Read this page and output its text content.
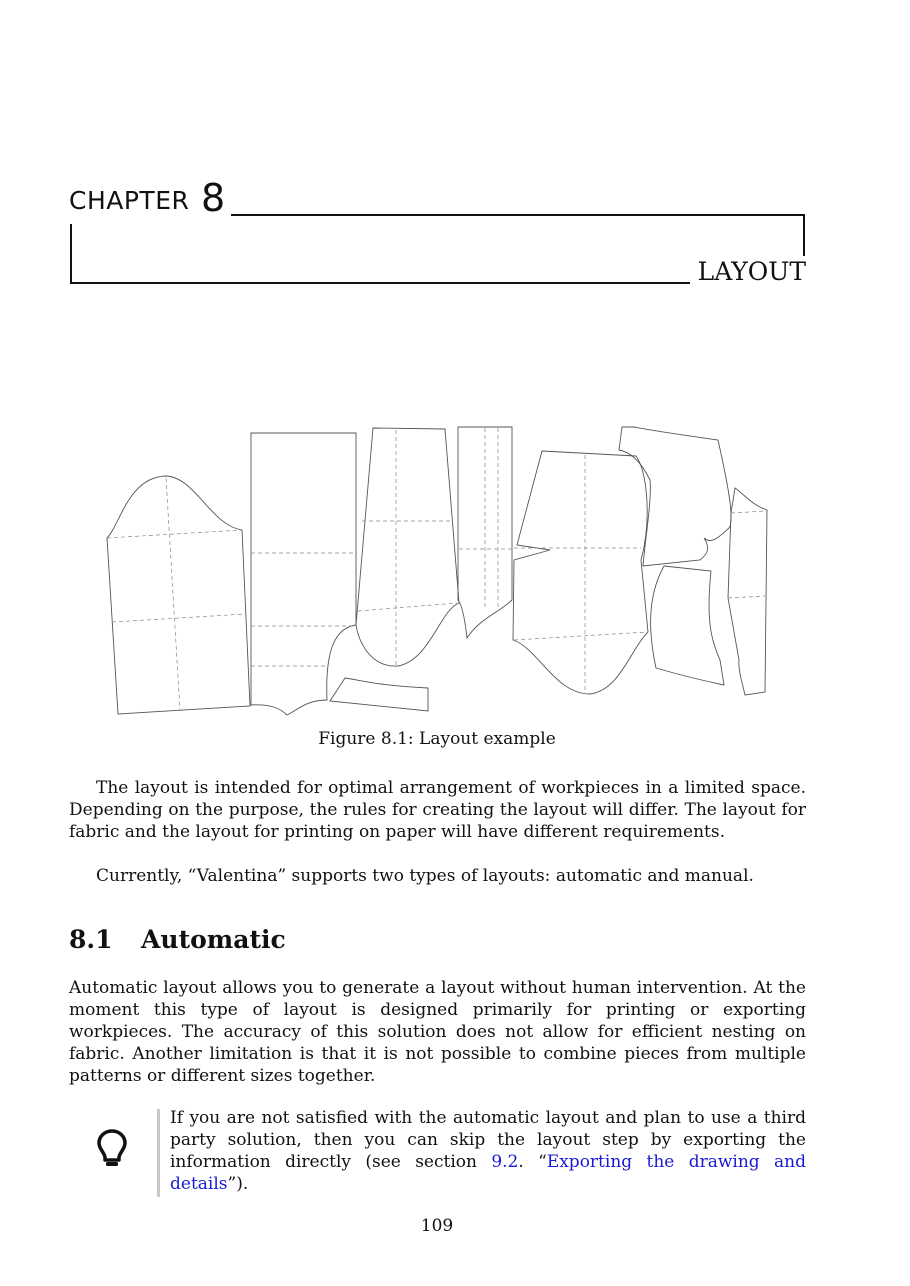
CHAPTER 8
LAYOUT
Figure 8.1: Layout example

The layout is intended for optimal arrangement of workpieces in a limited space. Depending on the purpose, the rules for creating the layout will differ. The layout for fabric and the layout for printing on paper will have different requirements.

Currently, “Valentina” supports two types of layouts: automatic and manual.

8.1 Automatic

Automatic layout allows you to generate a layout without human intervention. At the moment this type of layout is designed primarily for printing or exporting workpieces. The accuracy of this solution does not allow for efficient nesting on fabric. Another limitation is that it is not possible to combine pieces from multiple patterns or different sizes together.

If you are not satisfied with the automatic layout and plan to use a third party solution, then you can skip the layout step by exporting the information directly (see section 9.2. “Exporting the drawing and details”).

109
